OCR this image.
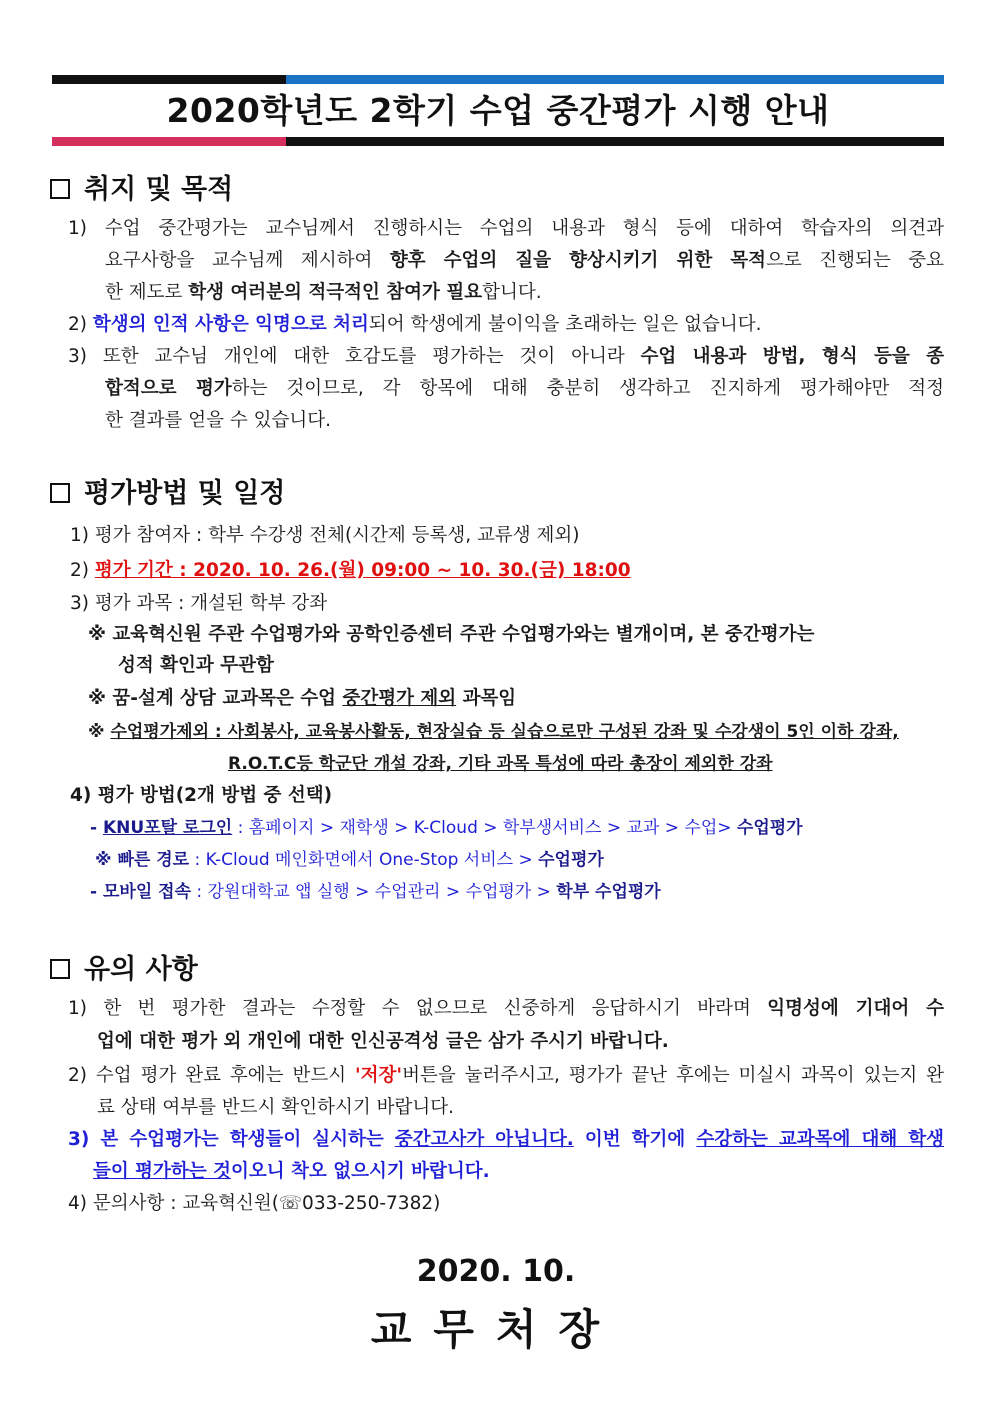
2020학년도 2학기 수업 중간평가 시행 안내
취지 및 목적
1) 수업 중간평가는 교수님께서 진행하시는 수업의 내용과 형식 등에 대하여 학습자의 의견과
요구사항을 교수님께 제시하여 향후 수업의 질을 향상시키기 위한 목적으로 진행되는 중요
한 제도로 학생 여러분의 적극적인 참여가 필요합니다.
2) 학생의 인적 사항은 익명으로 처리되어 학생에게 불이익을 초래하는 일은 없습니다.
3) 또한 교수님 개인에 대한 호감도를 평가하는 것이 아니라 수업 내용과 방법, 형식 등을 종
합적으로 평가하는 것이므로, 각 항목에 대해 충분히 생각하고 진지하게 평가해야만 적정
한 결과를 얻을 수 있습니다.
평가방법 및 일정
1) 평가 참여자 : 학부 수강생 전체(시간제 등록생, 교류생 제외)
2) 평가 기간 : 2020. 10. 26.(월) 09:00 ~ 10. 30.(금) 18:00
3) 평가 과목 : 개설된 학부 강좌
※ 교육혁신원 주관 수업평가와 공학인증센터 주관 수업평가와는 별개이며, 본 중간평가는
성적 확인과 무관함
※ 꿈-설계 상담 교과목은 수업 중간평가 제외 과목임
※ 수업평가제외 : 사회봉사, 교육봉사활동, 현장실습 등 실습으로만 구성된 강좌 및 수강생이 5인 이하 강좌,
R.O.T.C등 학군단 개설 강좌, 기타 과목 특성에 따라 총장이 제외한 강좌
4) 평가 방법(2개 방법 중 선택)
- KNU포탈 로그인 : 홈페이지 > 재학생 > K-Cloud > 학부생서비스 > 교과 > 수업> 수업평가
※ 빠른 경로 : K-Cloud 메인화면에서 One-Stop 서비스 > 수업평가
- 모바일 접속 : 강원대학교 앱 실행 > 수업관리 > 수업평가 > 학부 수업평가
유의 사항
1) 한 번 평가한 결과는 수정할 수 없으므로 신중하게 응답하시기 바라며 익명성에 기대어 수
업에 대한 평가 외 개인에 대한 인신공격성 글은 삼가 주시기 바랍니다.
2) 수업 평가 완료 후에는 반드시 '저장'버튼을 눌러주시고, 평가가 끝난 후에는 미실시 과목이 있는지 완
료 상태 여부를 반드시 확인하시기 바랍니다.
3) 본 수업평가는 학생들이 실시하는 중간고사가 아닙니다. 이번 학기에 수강하는 교과목에 대해 학생
들이 평가하는 것이오니 착오 없으시기 바랍니다.
4) 문의사항 : 교육혁신원(☏033-250-7382)
2020. 10.
교무처장
